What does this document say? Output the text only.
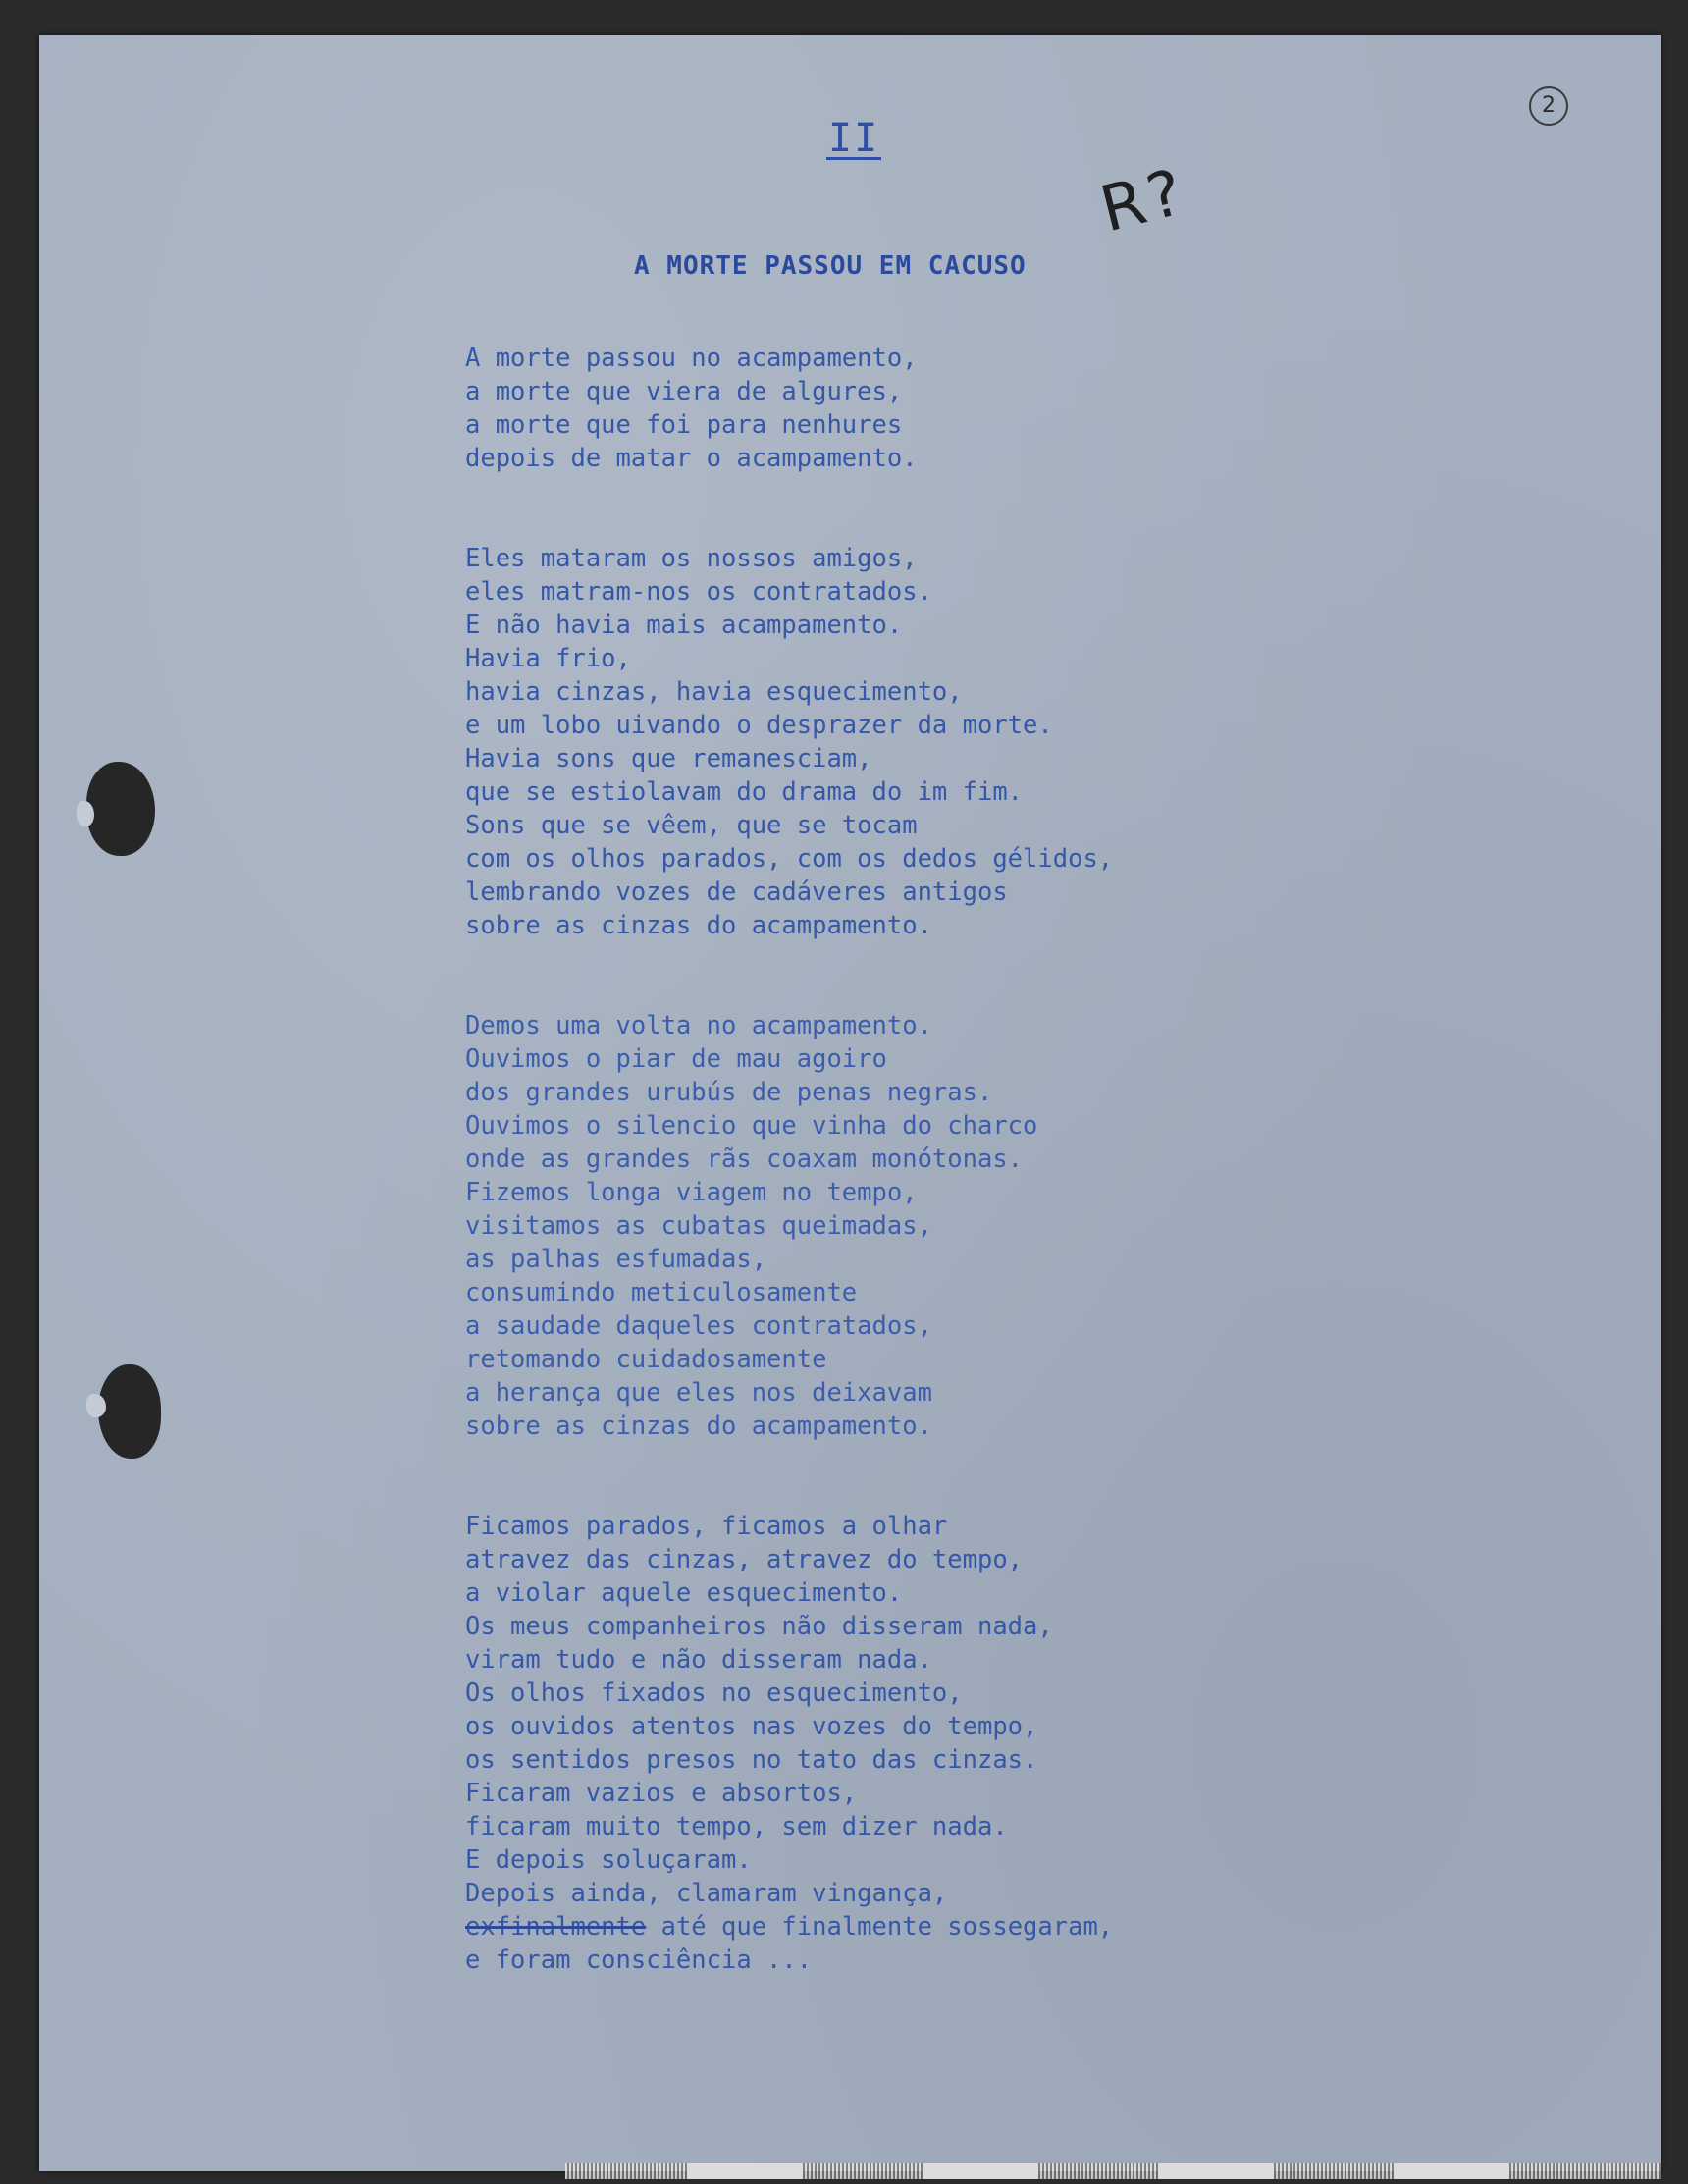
II
2
R?
A MORTE PASSOU EM CACUSO
A morte passou no acampamento,
a morte que viera de algures,
a morte que foi para nenhures
depois de matar o acampamento.
Eles mataram os nossos amigos,
eles matram-nos os contratados.
E não havia mais acampamento.
Havia frio,
havia cinzas, havia esquecimento,
e um lobo uivando o desprazer da morte.
Havia sons que remanesciam,
que se estiolavam do drama do im fim.
Sons que se vêem, que se tocam
com os olhos parados, com os dedos gélidos,
lembrando vozes de cadáveres antigos
sobre as cinzas do acampamento.
Demos uma volta no acampamento.
Ouvimos o piar de mau agoiro
dos grandes urubús de penas negras.
Ouvimos o silencio que vinha do charco
onde as grandes rãs coaxam monótonas.
Fizemos longa viagem no tempo,
visitamos as cubatas queimadas,
as palhas esfumadas,
consumindo meticulosamente
a saudade daqueles contratados,
retomando cuidadosamente
a herança que eles nos deixavam
sobre as cinzas do acampamento.
Ficamos parados, ficamos a olhar
atravez das cinzas, atravez do tempo,
a violar aquele esquecimento.
Os meus companheiros não disseram nada,
viram tudo e não disseram nada.
Os olhos fixados no esquecimento,
os ouvidos atentos nas vozes do tempo,
os sentidos presos no tato das cinzas.
Ficaram vazios e absortos,
ficaram muito tempo, sem dizer nada.
E depois soluçaram.
Depois ainda, clamaram vingança,
exfinalmente até que finalmente sossegaram,
e foram consciência ...
